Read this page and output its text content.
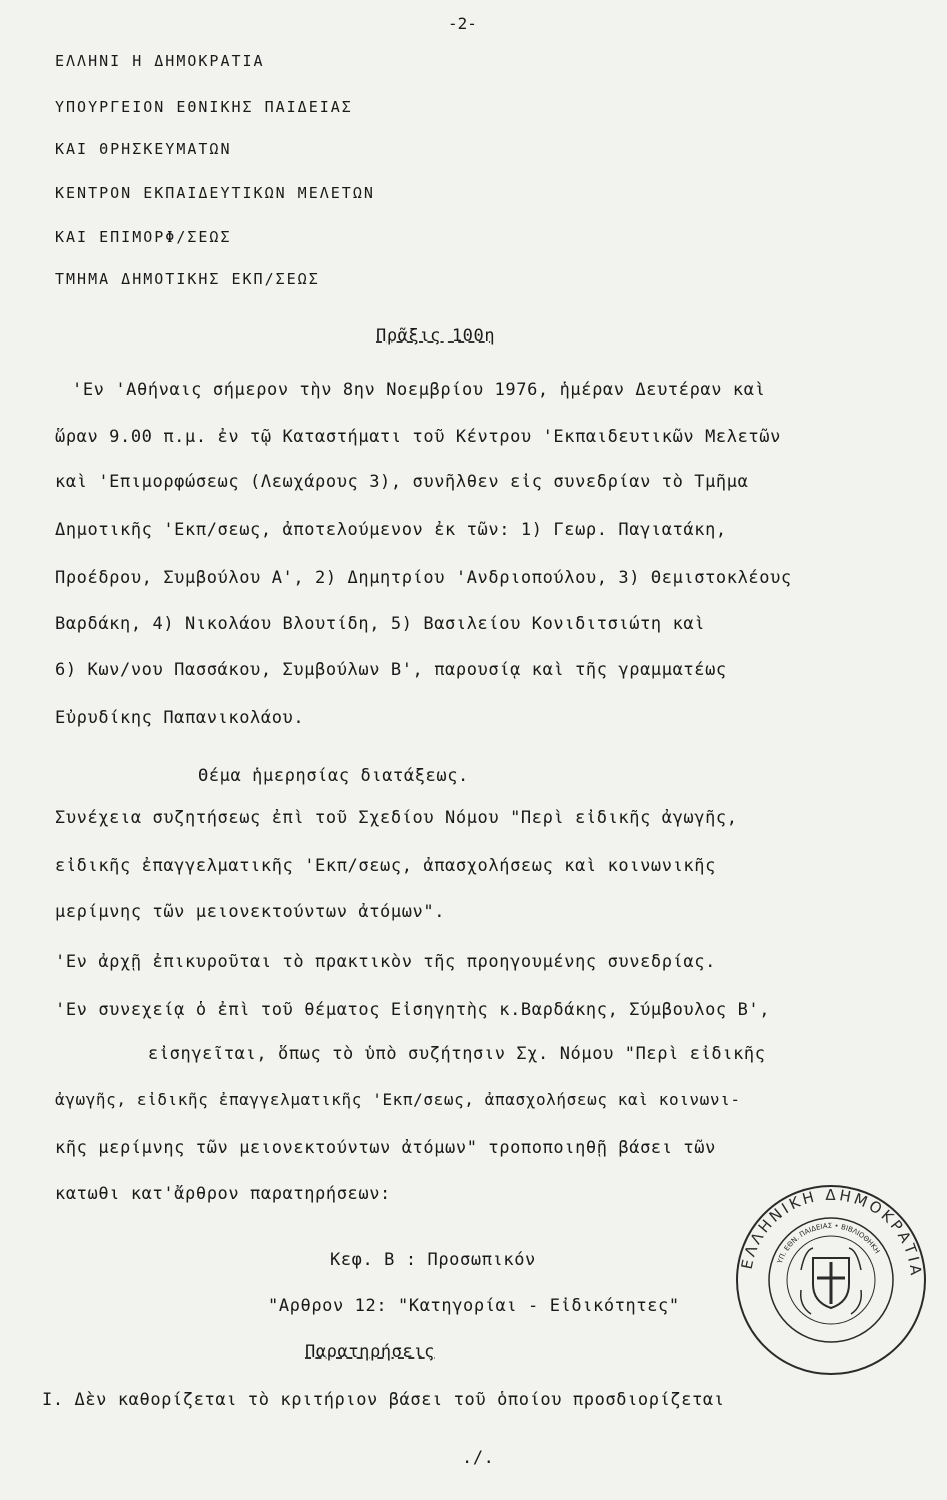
-2-
ΕΛΛΗΝΙ Η ΔΗΜΟΚΡΑΤΙΑ
ΥΠΟΥΡΓΕΙΟΝ ΕΘΝΙΚΗΣ ΠΑΙΔΕΙΑΣ
ΚΑΙ ΘΡΗΣΚΕΥΜΑΤΩΝ
ΚΕΝΤΡΟΝ ΕΚΠΑΙΔΕΥΤΙΚΩΝ ΜΕΛΕΤΩΝ
ΚΑΙ ΕΠΙΜΟΡΦ/ΣΕΩΣ
ΤΜΗΜΑ ΔΗΜΟΤΙΚΗΣ ΕΚΠ/ΣΕΩΣ
Πρᾶξις 100η
'Εν 'Αθήναις σήμερον τὴν 8ην Νοεμβρίου 1976, ἡμέραν Δευτέραν καὶ
ὥραν 9.00 π.μ. ἐν τῷ Καταστήματι τοῦ Κέντρου 'Εκπαιδευτικῶν Μελετῶν
καὶ 'Επιμορφώσεως (Λεωχάρους 3), συνῆλθεν εἰς συνεδρίαν τὸ Τμῆμα
Δημοτικῆς 'Εκπ/σεως, ἀποτελούμενον ἐκ τῶν: 1) Γεωρ. Παγιατάκη,
Προέδρου, Συμβούλου Α', 2) Δημητρίου 'Ανδριοπούλου, 3) Θεμιστοκλέους
Βαρδάκη, 4) Νικολάου Βλουτίδη, 5) Βασιλείου Κονιδιτσιώτη καὶ
6) Κων/νου Πασσάκου, Συμβούλων Β', παρουσίᾳ καὶ τῆς γραμματέως
Εὐρυδίκης Παπανικολάου.
Θέμα ἡμερησίας διατάξεως.
Συνέχεια συζητήσεως ἐπὶ τοῦ Σχεδίου Νόμου "Περὶ εἰδικῆς ἀγωγῆς,
εἰδικῆς ἐπαγγελματικῆς 'Εκπ/σεως, ἀπασχολήσεως καὶ κοινωνικῆς
μερίμνης τῶν μειονεκτούντων ἀτόμων".
'Εν ἀρχῇ ἐπικυροῦται τὸ πρακτικὸν τῆς προηγουμένης συνεδρίας.
'Εν συνεχείᾳ ὁ ἐπὶ τοῦ θέματος Εἰσηγητὴς κ.Βαρδάκης, Σύμβουλος Β',
εἰσηγεῖται, ὅπως τὸ ὑπὸ συζήτησιν Σχ. Νόμου "Περὶ εἰδικῆς
ἀγωγῆς, εἰδικῆς ἐπαγγελματικῆς 'Εκπ/σεως, ἀπασχολήσεως καὶ κοινωνι-
κῆς μερίμνης τῶν μειονεκτούντων ἀτόμων" τροποποιηθῇ βάσει τῶν
κατωθι κατ'ἄρθρον παρατηρήσεων:
Κεφ. Β : Προσωπικόν
"Αρθρον 12: "Κατηγορίαι - Εἰδικότητες"
Παρατηρήσεις
Ι. Δὲν καθορίζεται τὸ κριτήριον βάσει τοῦ ὁποίου προσδιορίζεται
./.
ΕΛΛΗΝΙΚΗ ΔΗΜΟΚΡΑΤΙΑ
ΥΠ. ΕΘΝ. ΠΑΙΔΕΙΑΣ • ΒΙΒΛΙΟΘΗΚΗ
